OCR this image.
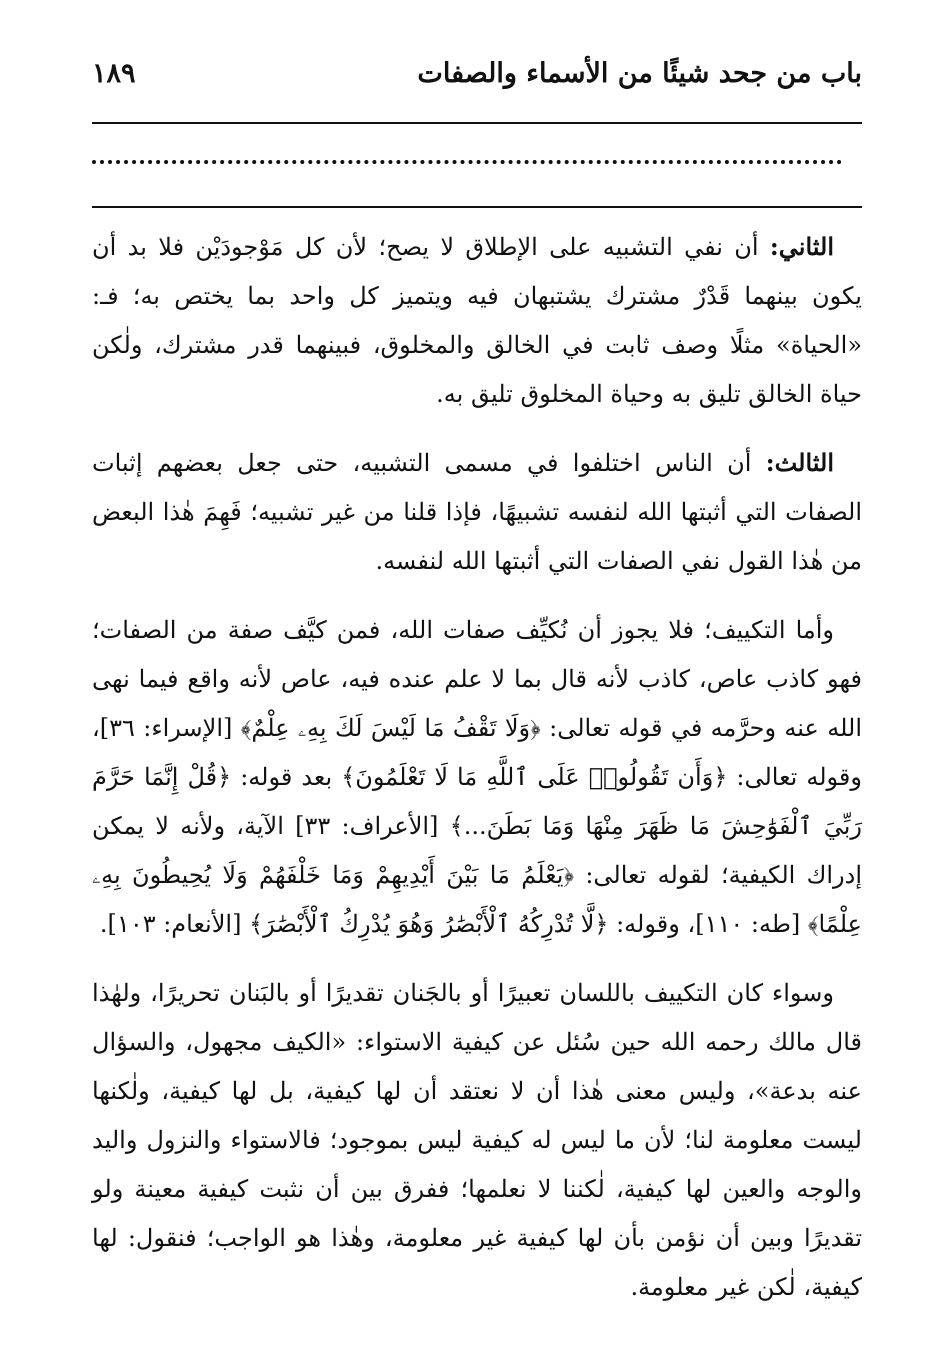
باب من جحد شيئًا من الأسماء والصفات
١٨٩

الثاني: أن نفي التشبيه على الإطلاق لا يصح؛ لأن كل مَوْجودَيْن فلا بد أن يكون بينهما قَدْرٌ مشترك يشتبهان فيه ويتميز كل واحد بما يختص به؛ فـ: «الحياة» مثلًا وصف ثابت في الخالق والمخلوق، فبينهما قدر مشترك، ولٰكن حياة الخالق تليق به وحياة المخلوق تليق به.

الثالث: أن الناس اختلفوا في مسمى التشبيه، حتى جعل بعضهم إثبات الصفات التي أثبتها الله لنفسه تشبيهًا، فإذا قلنا من غير تشبيه؛ فَهِمَ هٰذا البعض من هٰذا القول نفي الصفات التي أثبتها الله لنفسه.

وأما التكييف؛ فلا يجوز أن نُكيِّف صفات الله، فمن كيَّف صفة من الصفات؛ فهو كاذب عاص، كاذب لأنه قال بما لا علم عنده فيه، عاص لأنه واقع فيما نهى الله عنه وحرَّمه في قوله تعالى: ﴿وَلَا تَقْفُ مَا لَيْسَ لَكَ بِهِۦ عِلْمٌ﴾ [الإسراء: ٣٦]، وقوله تعالى: ﴿وَأَن تَقُولُوا۟ عَلَى ٱللَّهِ مَا لَا تَعْلَمُونَ﴾ بعد قوله: ﴿قُلْ إِنَّمَا حَرَّمَ رَبِّيَ ٱلْفَوَٰحِشَ مَا ظَهَرَ مِنْهَا وَمَا بَطَنَ...﴾ [الأعراف: ٣٣] الآية، ولأنه لا يمكن إدراك الكيفية؛ لقوله تعالى: ﴿يَعْلَمُ مَا بَيْنَ أَيْدِيهِمْ وَمَا خَلْفَهُمْ وَلَا يُحِيطُونَ بِهِۦ عِلْمًا﴾ [طه: ١١٠]، وقوله: ﴿لَّا تُدْرِكُهُ ٱلْأَبْصَٰرُ وَهُوَ يُدْرِكُ ٱلْأَبْصَٰرَ﴾ [الأنعام: ١٠٣].

وسواء كان التكييف باللسان تعبيرًا أو بالجَنان تقديرًا أو بالبَنان تحريرًا، ولهٰذا قال مالك رحمه الله حين سُئل عن كيفية الاستواء: «الكيف مجهول، والسؤال عنه بدعة»، وليس معنى هٰذا أن لا نعتقد أن لها كيفية، بل لها كيفية، ولٰكنها ليست معلومة لنا؛ لأن ما ليس له كيفية ليس بموجود؛ فالاستواء والنزول واليد والوجه والعين لها كيفية، لٰكننا لا نعلمها؛ ففرق بين أن نثبت كيفية معينة ولو تقديرًا وبين أن نؤمن بأن لها كيفية غير معلومة، وهٰذا هو الواجب؛ فنقول: لها كيفية، لٰكن غير معلومة.
